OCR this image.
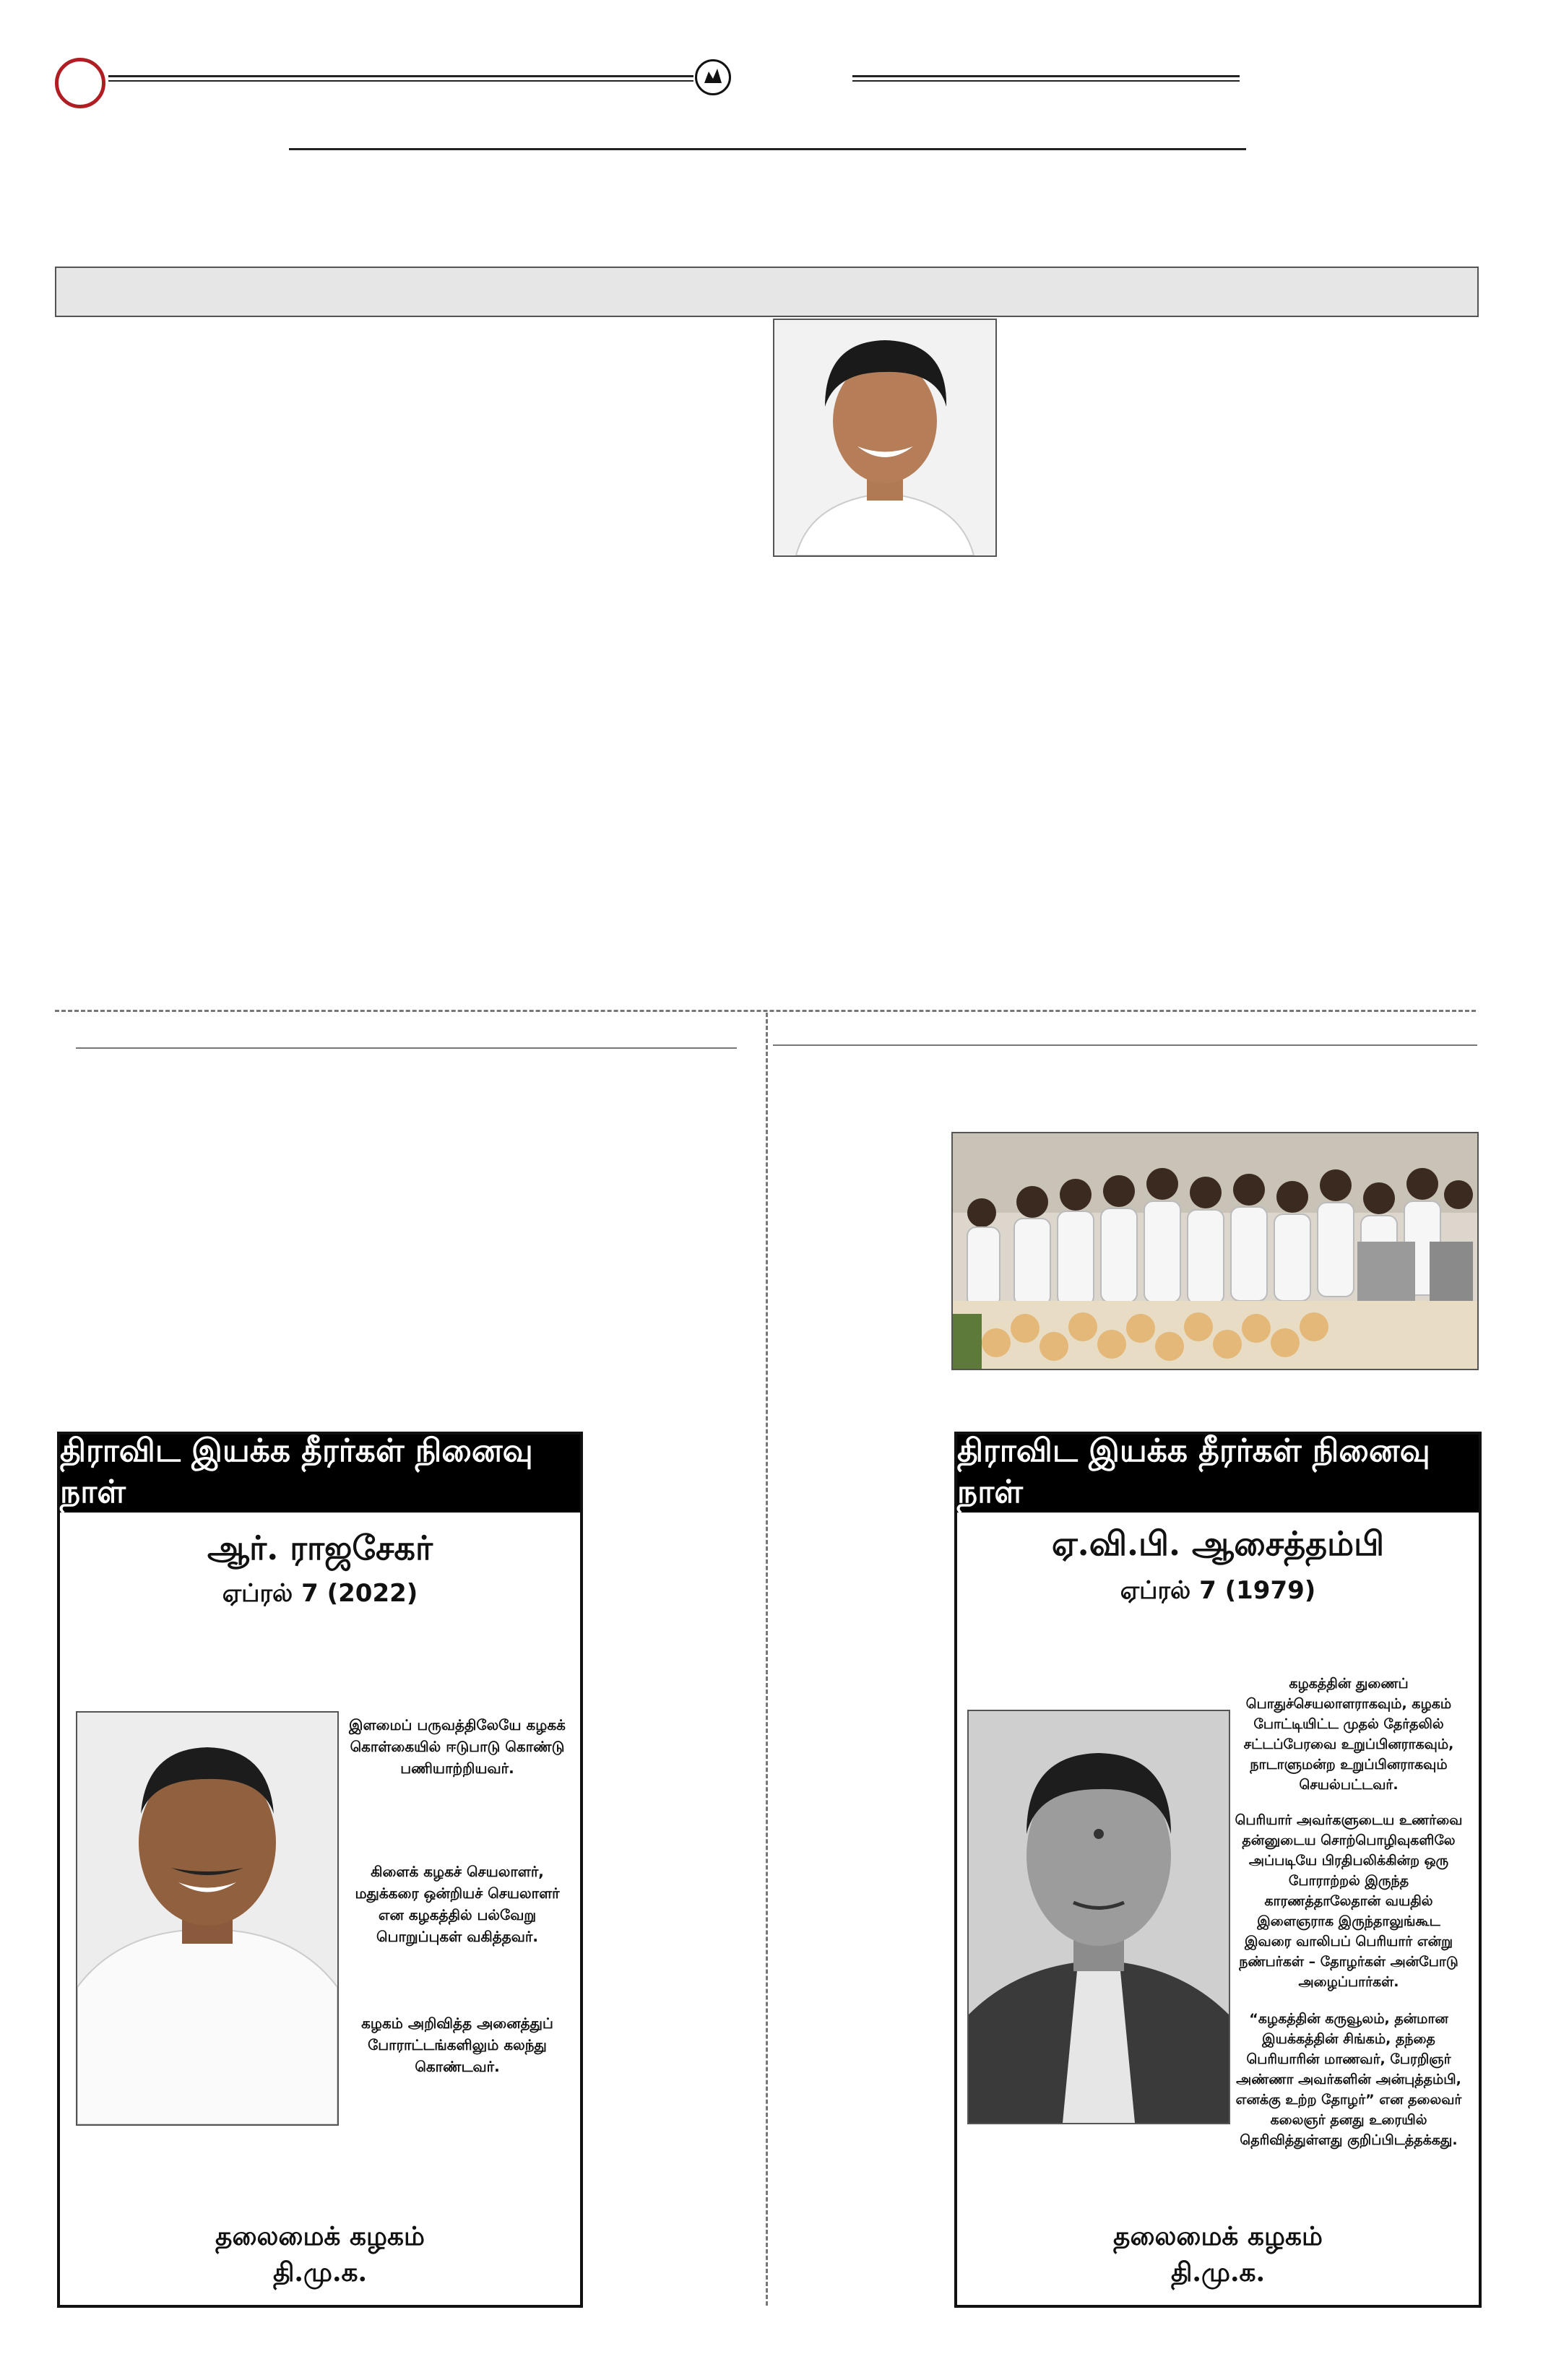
திராவிட இயக்க தீரர்கள் நினைவு நாள்
ஆர். ராஜசேகர்
ஏப்ரல் 7 (2022)
இளமைப் பருவத்திலேயே கழகக் கொள்கையில் ஈடுபாடு கொண்டு பணியாற்றியவர்.
கிளைக் கழகச் செயலாளர், மதுக்கரை ஒன்றியச் செயலாளர் என கழகத்தில் பல்வேறு பொறுப்புகள் வகித்தவர்.
கழகம் அறிவித்த அனைத்துப் போராட்டங்களிலும் கலந்து கொண்டவர்.
தலைமைக் கழகம்
தி.மு.க.
திராவிட இயக்க தீரர்கள் நினைவு நாள்
ஏ.வி.பி. ஆசைத்தம்பி
ஏப்ரல் 7 (1979)
கழகத்தின் துணைப் பொதுச்செயலாளராகவும், கழகம் போட்டியிட்ட முதல் தேர்தலில் சட்டப்பேரவை உறுப்பினராகவும், நாடாளுமன்ற உறுப்பினராகவும் செயல்பட்டவர்.
பெரியார் அவர்களுடைய உணர்வை தன்னுடைய சொற்பொழிவுகளிலே அப்படியே பிரதிபலிக்கின்ற ஒரு போராற்றல் இருந்த காரணத்தாலேதான் வயதில் இளைஞராக இருந்தாலுங்கூட இவரை வாலிபப் பெரியார் என்று நண்பர்கள் – தோழர்கள் அன்போடு அழைப்பார்கள்.
“கழகத்தின் கருவூலம், தன்மான இயக்கத்தின் சிங்கம், தந்தை பெரியாரின் மாணவர், பேரறிஞர் அண்ணா அவர்களின் அன்புத்தம்பி, எனக்கு உற்ற தோழர்” என தலைவர் கலைஞர் தனது உரையில் தெரிவித்துள்ளது குறிப்பிடத்தக்கது.
தலைமைக் கழகம்
தி.மு.க.
